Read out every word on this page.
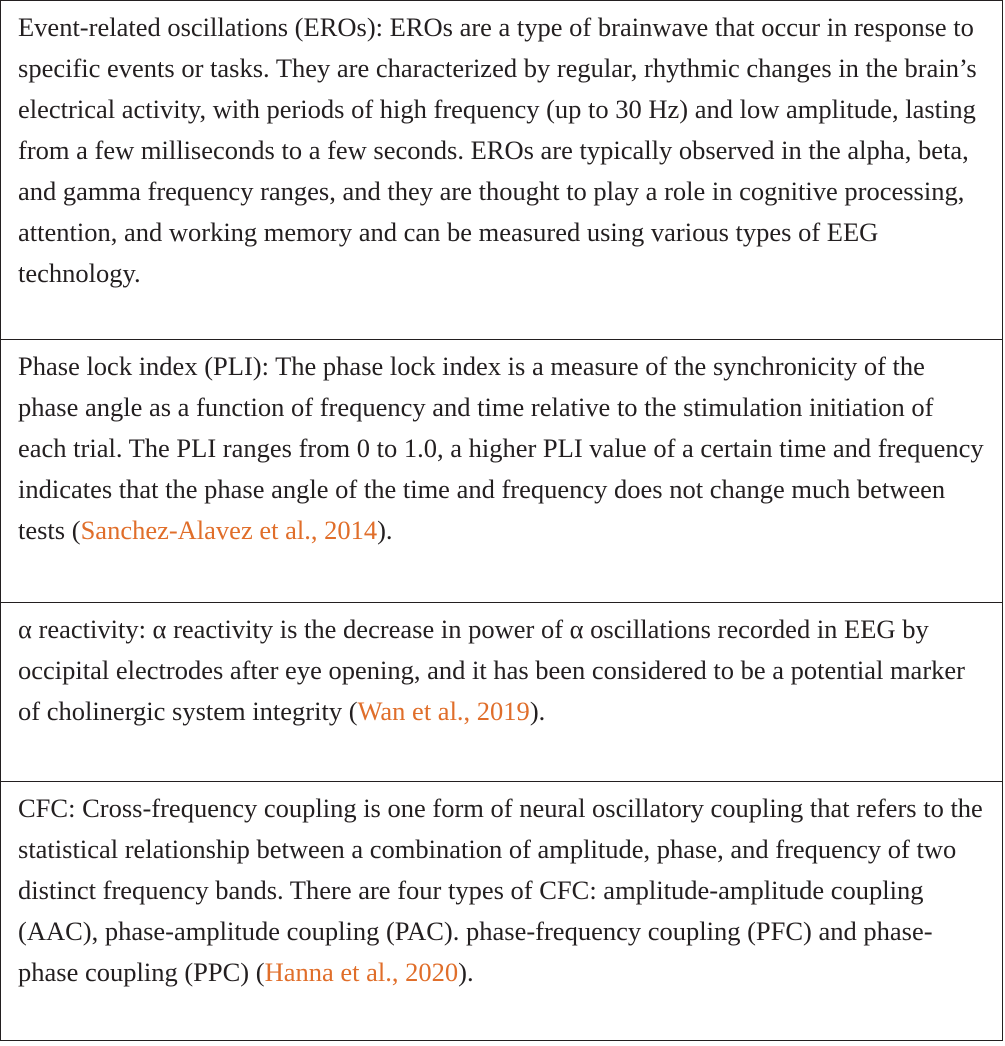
Event-related oscillations (EROs): EROs are a type of brainwave that occur in response to specific events or tasks. They are characterized by regular, rhythmic changes in the brain’s electrical activity, with periods of high frequency (up to 30 Hz) and low amplitude, lasting from a few milliseconds to a few seconds. EROs are typically observed in the alpha, beta, and gamma frequency ranges, and they are thought to play a role in cognitive processing, attention, and working memory and can be measured using various types of EEG technology.
Phase lock index (PLI): The phase lock index is a measure of the synchronicity of the phase angle as a function of frequency and time relative to the stimulation initiation of each trial. The PLI ranges from 0 to 1.0, a higher PLI value of a certain time and frequency indicates that the phase angle of the time and frequency does not change much between tests (Sanchez-Alavez et al., 2014).
α reactivity: α reactivity is the decrease in power of α oscillations recorded in EEG by occipital electrodes after eye opening, and it has been considered to be a potential marker of cholinergic system integrity (Wan et al., 2019).
CFC: Cross-frequency coupling is one form of neural oscillatory coupling that refers to the statistical relationship between a combination of amplitude, phase, and frequency of two distinct frequency bands. There are four types of CFC: amplitude-amplitude coupling (AAC), phase-amplitude coupling (PAC). phase-frequency coupling (PFC) and phase-phase coupling (PPC) (Hanna et al., 2020).
